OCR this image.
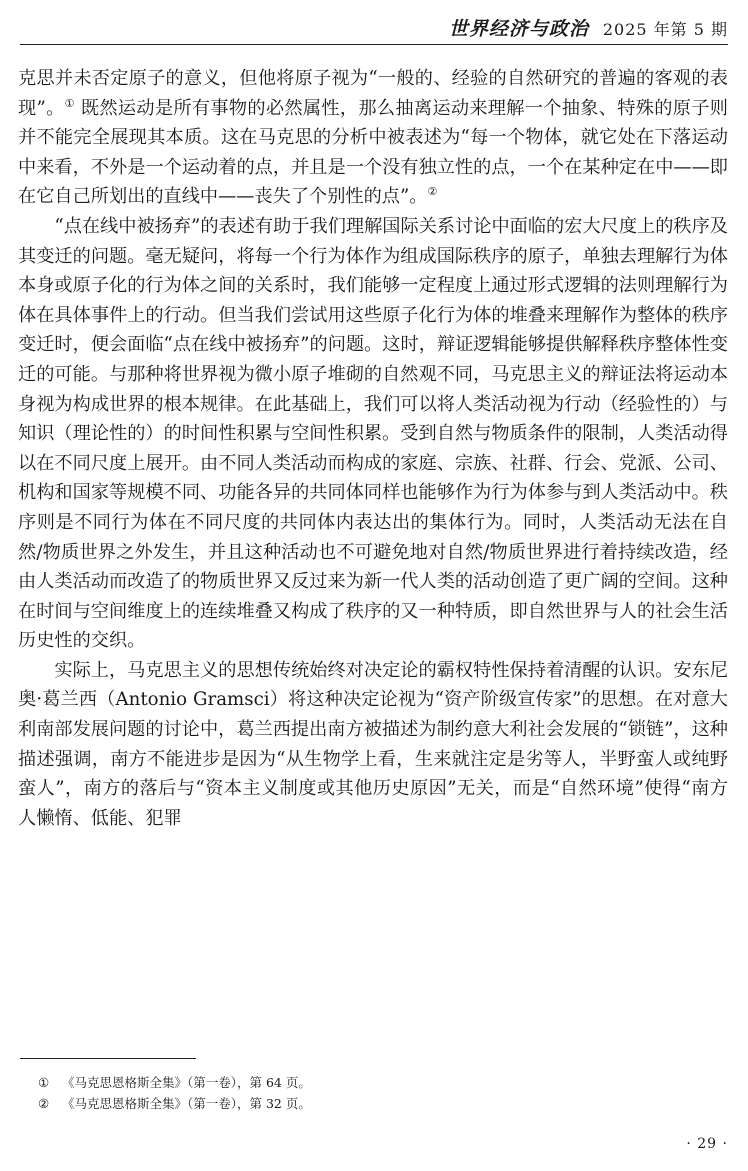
世界经济与政治 2025 年第 5 期

克思并未否定原子的意义，但他将原子视为“一般的、经验的自然研究的普遍的客观的表现”。① 既然运动是所有事物的必然属性，那么抽离运动来理解一个抽象、特殊的原子则并不能完全展现其本质。这在马克思的分析中被表述为“每一个物体，就它处在下落运动中来看，不外是一个运动着的点，并且是一个没有独立性的点，一个在某种定在中——即在它自己所划出的直线中——丧失了个别性的点”。②

“点在线中被扬弃”的表述有助于我们理解国际关系讨论中面临的宏大尺度上的秩序及其变迁的问题。毫无疑问，将每一个行为体作为组成国际秩序的原子，单独去理解行为体本身或原子化的行为体之间的关系时，我们能够一定程度上通过形式逻辑的法则理解行为体在具体事件上的行动。但当我们尝试用这些原子化行为体的堆叠来理解作为整体的秩序变迁时，便会面临“点在线中被扬弃”的问题。这时，辩证逻辑能够提供解释秩序整体性变迁的可能。与那种将世界视为微小原子堆砌的自然观不同，马克思主义的辩证法将运动本身视为构成世界的根本规律。在此基础上，我们可以将人类活动视为行动（经验性的）与知识（理论性的）的时间性积累与空间性积累。受到自然与物质条件的限制，人类活动得以在不同尺度上展开。由不同人类活动而构成的家庭、宗族、社群、行会、党派、公司、机构和国家等规模不同、功能各异的共同体同样也能够作为行为体参与到人类活动中。秩序则是不同行为体在不同尺度的共同体内表达出的集体行为。同时，人类活动无法在自然/物质世界之外发生，并且这种活动也不可避免地对自然/物质世界进行着持续改造，经由人类活动而改造了的物质世界又反过来为新一代人类的活动创造了更广阔的空间。这种在时间与空间维度上的连续堆叠又构成了秩序的又一种特质，即自然世界与人的社会生活历史性的交织。

实际上，马克思主义的思想传统始终对决定论的霸权特性保持着清醒的认识。安东尼奥·葛兰西（Antonio Gramsci）将这种决定论视为“资产阶级宣传家”的思想。在对意大利南部发展问题的讨论中，葛兰西提出南方被描述为制约意大利社会发展的“锁链”，这种描述强调，南方不能进步是因为“从生物学上看，生来就注定是劣等人，半野蛮人或纯野蛮人”，南方的落后与“资本主义制度或其他历史原因”无关，而是“自然环境”使得“南方人懒惰、低能、犯罪

① 《马克思恩格斯全集》（第一卷），第 64 页。
② 《马克思恩格斯全集》（第一卷），第 32 页。
· 29 ·
